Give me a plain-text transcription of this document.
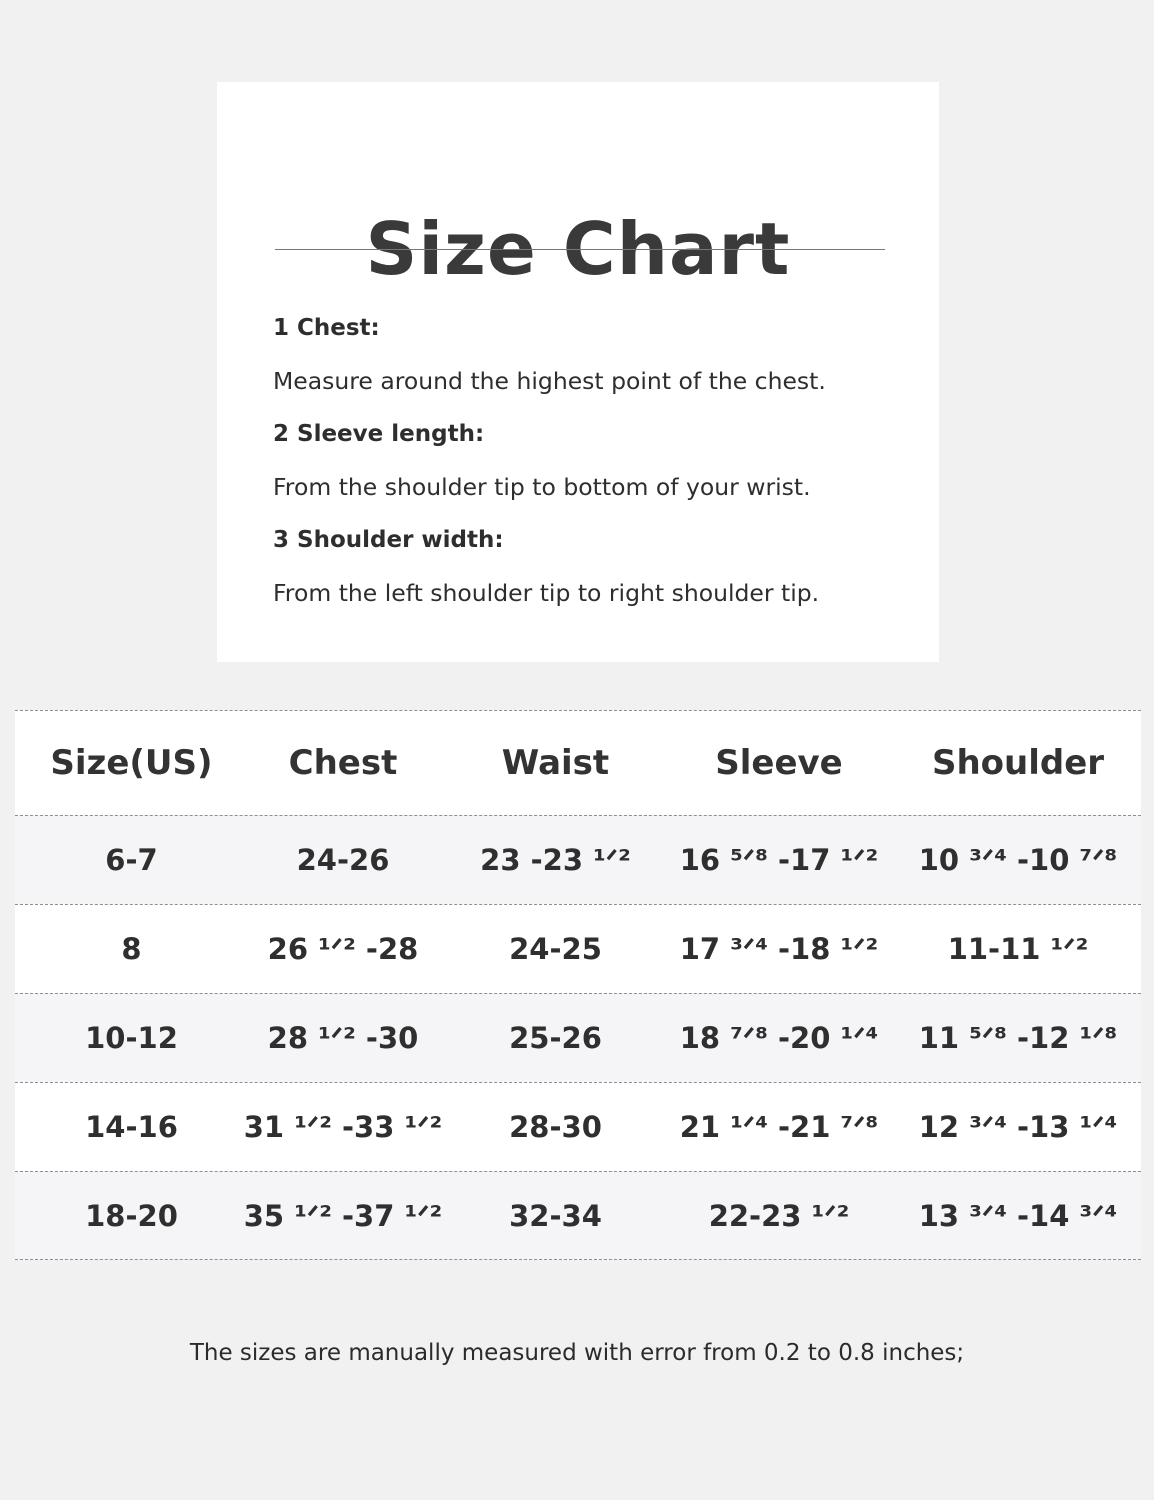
Size Chart
1 Chest:
Measure around the highest point of the chest.
2 Sleeve length:
From the shoulder tip to bottom of your wrist.
3 Shoulder width:
From the left shoulder tip to right shoulder tip.
Size(US)	Chest	Waist	Sleeve	Shoulder
6-7	24-26	23 -23 ¹ᐟ²	16 ⁵ᐟ⁸ -17 ¹ᐟ²	10 ³ᐟ⁴ -10 ⁷ᐟ⁸
8	26 ¹ᐟ² -28	24-25	17 ³ᐟ⁴ -18 ¹ᐟ²	11-11 ¹ᐟ²
10-12	28 ¹ᐟ² -30	25-26	18 ⁷ᐟ⁸ -20 ¹ᐟ⁴	11 ⁵ᐟ⁸ -12 ¹ᐟ⁸
14-16	31 ¹ᐟ² -33 ¹ᐟ²	28-30	21 ¹ᐟ⁴ -21 ⁷ᐟ⁸	12 ³ᐟ⁴ -13 ¹ᐟ⁴
18-20	35 ¹ᐟ² -37 ¹ᐟ²	32-34	22-23 ¹ᐟ²	13 ³ᐟ⁴ -14 ³ᐟ⁴
The sizes are manually measured with error from 0.2 to 0.8 inches;
